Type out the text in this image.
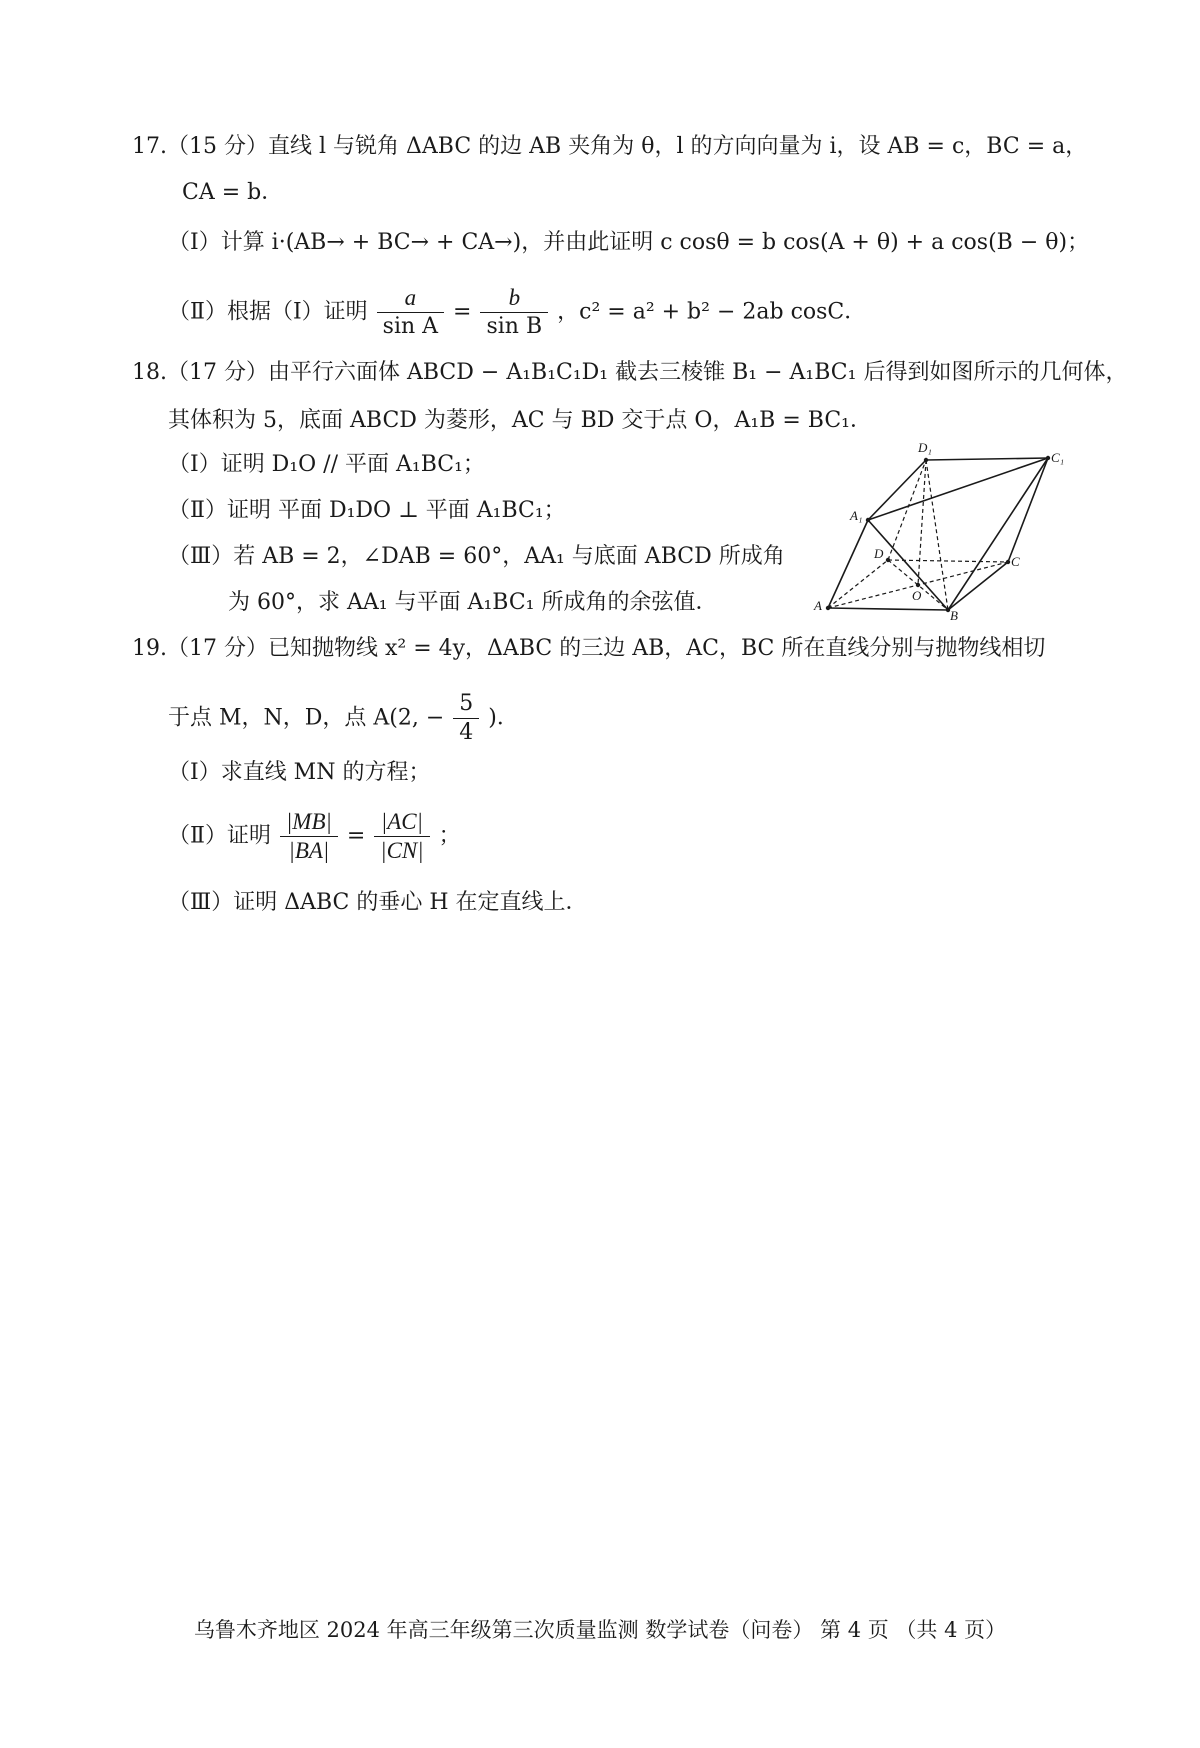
17.（15 分）直线 l 与锐角 ΔABC 的边 AB 夹角为 θ，l 的方向向量为 i，设 AB = c，BC = a，
CA = b．
（Ⅰ）计算 i·(AB→ + BC→ + CA→)，并由此证明 c cosθ = b cos(A + θ) + a cos(B − θ)；
（Ⅱ）根据（Ⅰ）证明 $\frac{a}{\text{sin A}} = \frac{b}{\text{sin B}}$ ，c² = a² + b² − 2ab cosC．
18.（17 分）由平行六面体 ABCD − A₁B₁C₁D₁ 截去三棱锥 B₁ − A₁BC₁ 后得到如图所示的几何体，
其体积为 5，底面 ABCD 为菱形，AC 与 BD 交于点 O，A₁B = BC₁．
（Ⅰ）证明 D₁O // 平面 A₁BC₁；
（Ⅱ）证明 平面 D₁DO ⊥ 平面 A₁BC₁；
（Ⅲ）若 AB = 2，∠DAB = 60°，AA₁ 与底面 ABCD 所成角
为 60°，求 AA₁ 与平面 A₁BC₁ 所成角的余弦值．
D₁
C₁
A₁
D
C
O
A
B
19.（17 分）已知抛物线 x² = 4y，ΔABC 的三边 AB，AC，BC 所在直线分别与抛物线相切
于点 M，N，D，点 A(2, − $\frac{5}{4}$ )．
（Ⅰ）求直线 MN 的方程；
（Ⅱ）证明 $\frac{|MB|}{|BA|} = \frac{|AC|}{|CN|}$ ；
（Ⅲ）证明 ΔABC 的垂心 H 在定直线上．
乌鲁木齐地区 2024 年高三年级第三次质量监测 数学试卷（问卷） 第 4 页 （共 4 页）
